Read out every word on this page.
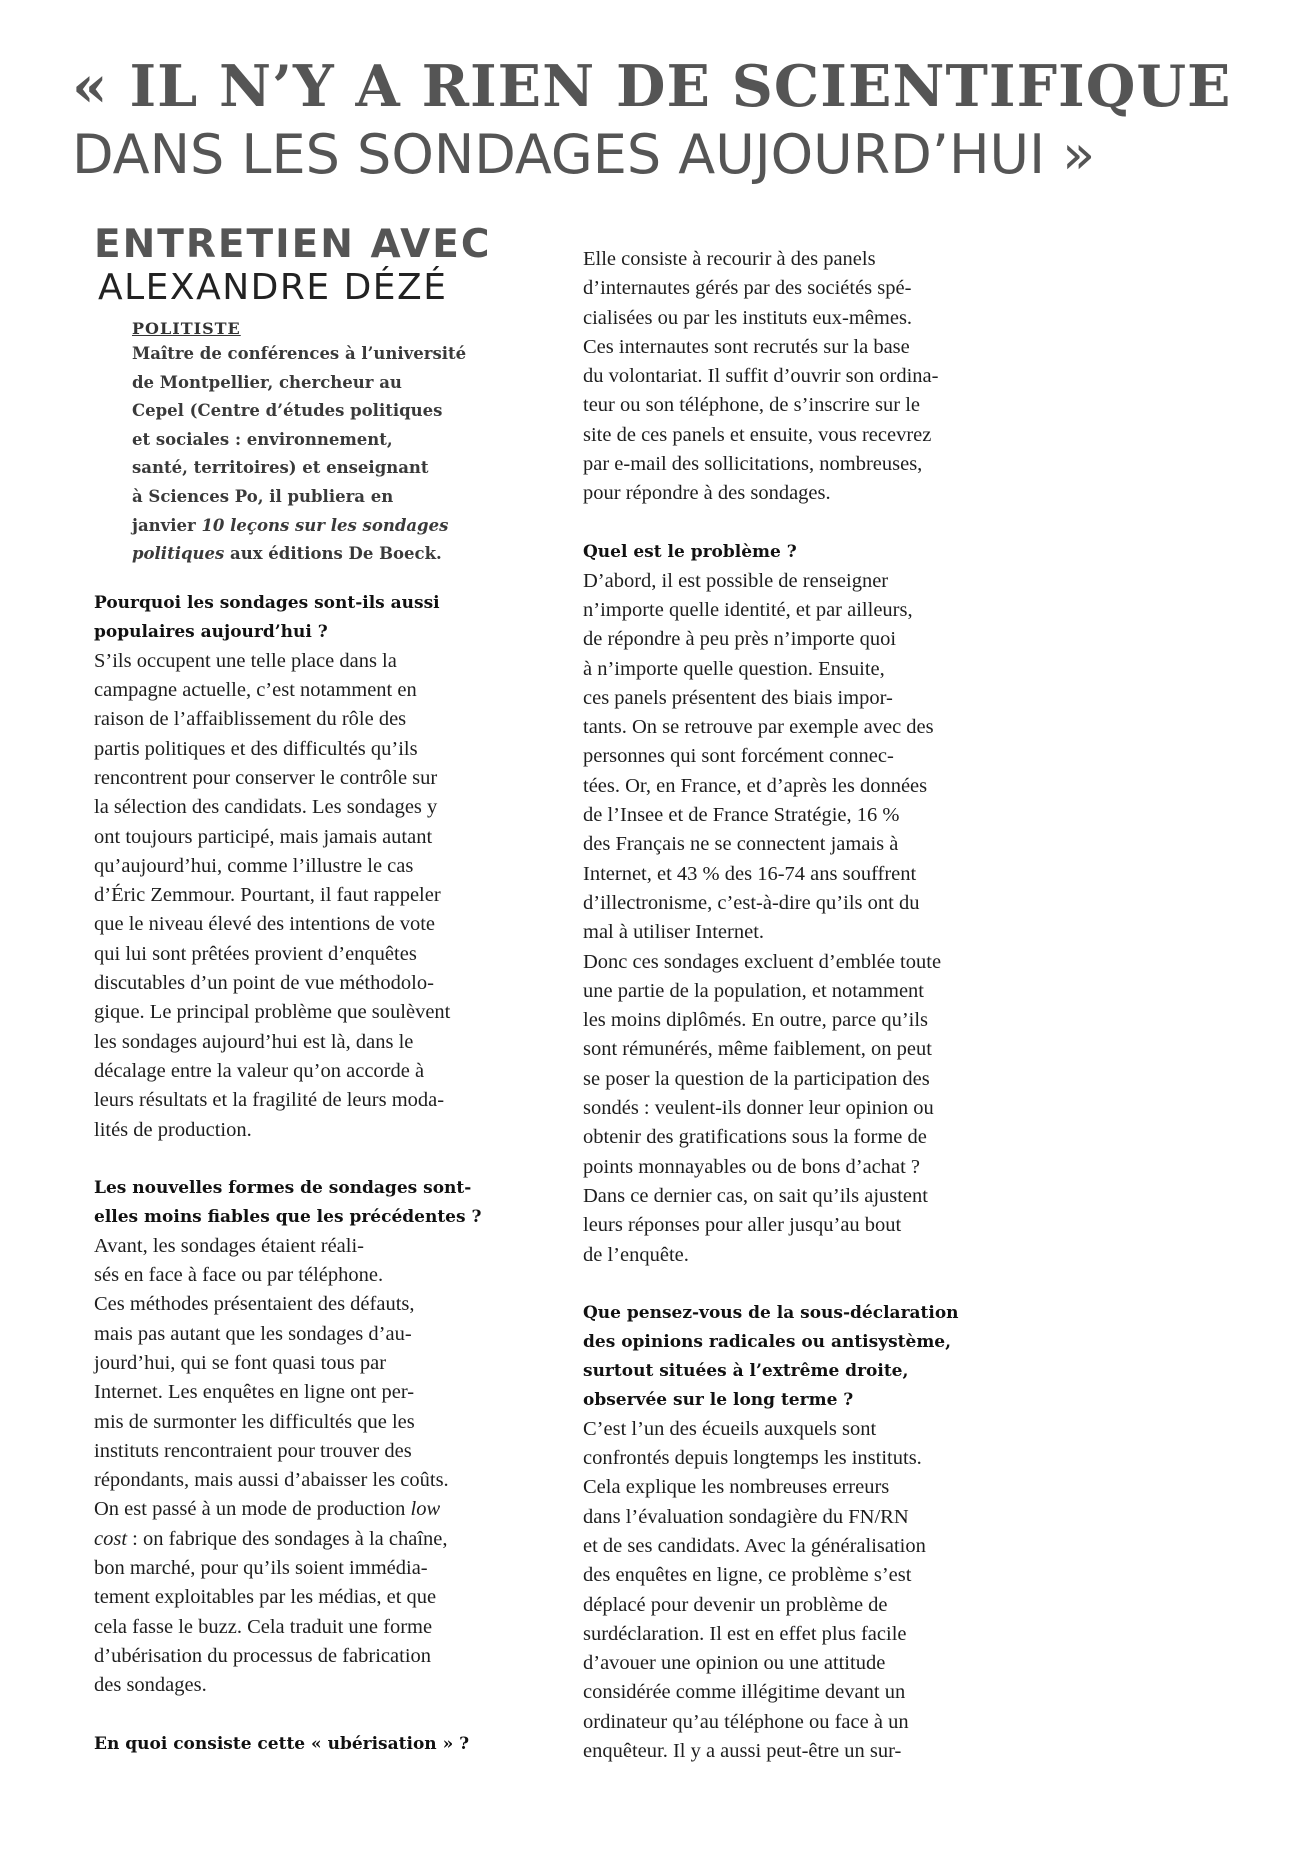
« IL N’Y A RIEN DE SCIENTIFIQUE
DANS LES SONDAGES AUJOURD’HUI »
ENTRETIEN AVEC
ALEXANDRE DÉZÉ
POLITISTE
Maître de conférences à l’université
de Montpellier, chercheur au
Cepel (Centre d’études politiques
et sociales : environnement,
santé, territoires) et enseignant
à Sciences Po, il publiera en
janvier 10 leçons sur les sondages
politiques aux éditions De Boeck.
Pourquoi les sondages sont-ils aussi
populaires aujourd’hui ?
S’ils occupent une telle place dans la
campagne actuelle, c’est notamment en
raison de l’affaiblissement du rôle des
partis politiques et des difficultés qu’ils
rencontrent pour conserver le contrôle sur
la sélection des candidats. Les sondages y
ont toujours participé, mais jamais autant
qu’aujourd’hui, comme l’illustre le cas
d’Éric Zemmour. Pourtant, il faut rappeler
que le niveau élevé des intentions de vote
qui lui sont prêtées provient d’enquêtes
discutables d’un point de vue méthodolo-
gique. Le principal problème que soulèvent
les sondages aujourd’hui est là, dans le
décalage entre la valeur qu’on accorde à
leurs résultats et la fragilité de leurs moda-
lités de production.
Les nouvelles formes de sondages sont-
elles moins fiables que les précédentes ?
Avant, les sondages étaient réali-
sés en face à face ou par téléphone.
Ces méthodes présentaient des défauts,
mais pas autant que les sondages d’au-
jourd’hui, qui se font quasi tous par
Internet. Les enquêtes en ligne ont per-
mis de surmonter les difficultés que les
instituts rencontraient pour trouver des
répondants, mais aussi d’abaisser les coûts.
On est passé à un mode de production low
cost : on fabrique des sondages à la chaîne,
bon marché, pour qu’ils soient immédia-
tement exploitables par les médias, et que
cela fasse le buzz. Cela traduit une forme
d’ubérisation du processus de fabrication
des sondages.
En quoi consiste cette « ubérisation » ?
Elle consiste à recourir à des panels
d’internautes gérés par des sociétés spé-
cialisées ou par les instituts eux-mêmes.
Ces internautes sont recrutés sur la base
du volontariat. Il suffit d’ouvrir son ordina-
teur ou son téléphone, de s’inscrire sur le
site de ces panels et ensuite, vous recevrez
par e-mail des sollicitations, nombreuses,
pour répondre à des sondages.
Quel est le problème ?
D’abord, il est possible de renseigner
n’importe quelle identité, et par ailleurs,
de répondre à peu près n’importe quoi
à n’importe quelle question. Ensuite,
ces panels présentent des biais impor-
tants. On se retrouve par exemple avec des
personnes qui sont forcément connec-
tées. Or, en France, et d’après les données
de l’Insee et de France Stratégie, 16 %
des Français ne se connectent jamais à
Internet, et 43 % des 16-74 ans souffrent
d’illectronisme, c’est-à-dire qu’ils ont du
mal à utiliser Internet.
Donc ces sondages excluent d’emblée toute
une partie de la population, et notamment
les moins diplômés. En outre, parce qu’ils
sont rémunérés, même faiblement, on peut
se poser la question de la participation des
sondés : veulent-ils donner leur opinion ou
obtenir des gratifications sous la forme de
points monnayables ou de bons d’achat ?
Dans ce dernier cas, on sait qu’ils ajustent
leurs réponses pour aller jusqu’au bout
de l’enquête.
Que pensez-vous de la sous-déclaration
des opinions radicales ou antisystème,
surtout situées à l’extrême droite,
observée sur le long terme ?
C’est l’un des écueils auxquels sont
confrontés depuis longtemps les instituts.
Cela explique les nombreuses erreurs
dans l’évaluation sondagière du FN/RN
et de ses candidats. Avec la généralisation
des enquêtes en ligne, ce problème s’est
déplacé pour devenir un problème de
surdéclaration. Il est en effet plus facile
d’avouer une opinion ou une attitude
considérée comme illégitime devant un
ordinateur qu’au téléphone ou face à un
enquêteur. Il y a aussi peut-être un sur-
